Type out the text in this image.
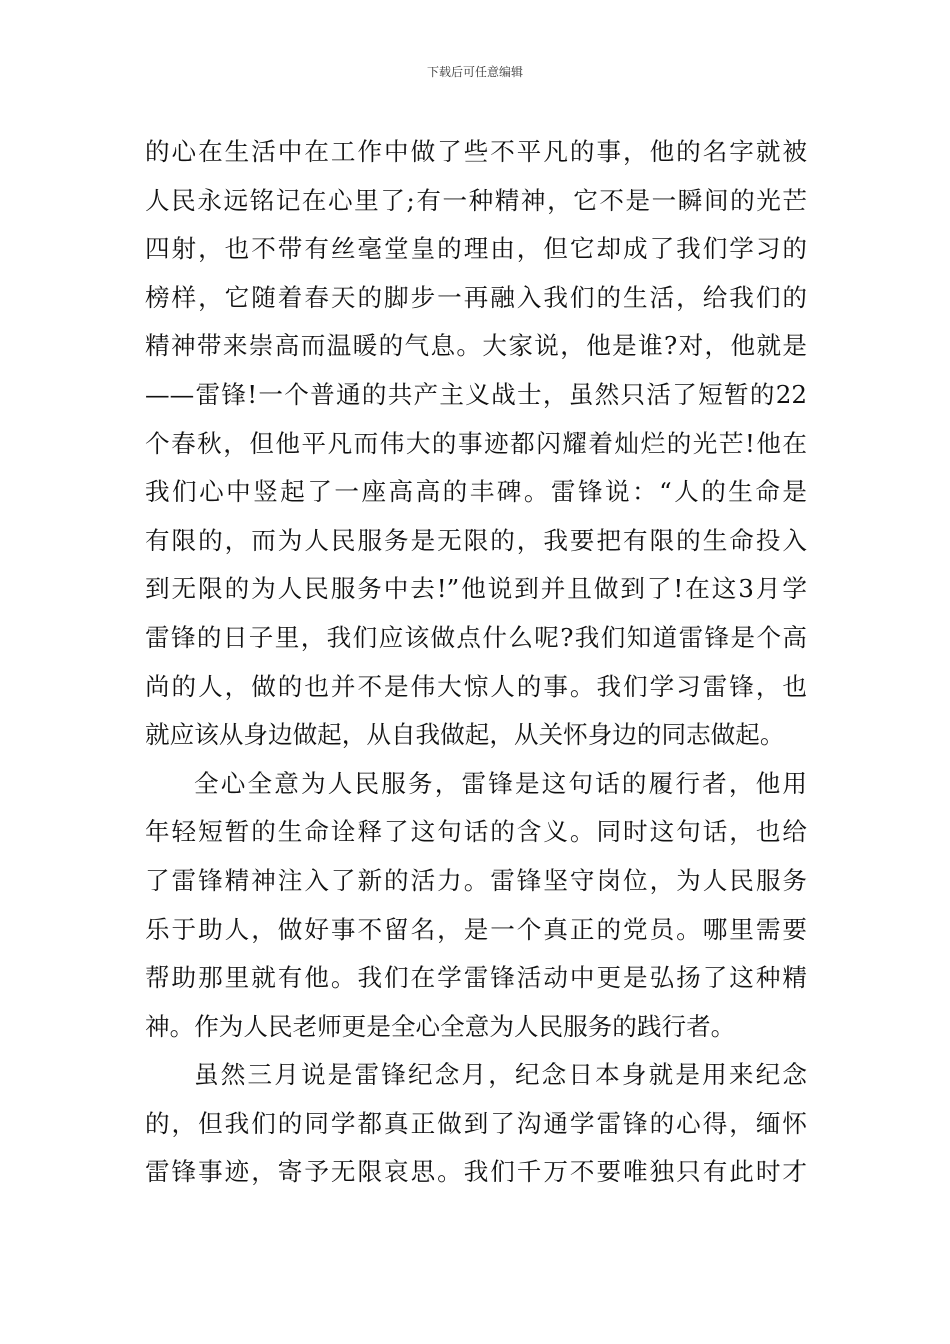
下载后可任意编辑
的心在生活中在工作中做了些不平凡的事，他的名字就被
人民永远铭记在心里了;有一种精神，它不是一瞬间的光芒
四射，也不带有丝毫堂皇的理由，但它却成了我们学习的
榜样，它随着春天的脚步一再融入我们的生活，给我们的
精神带来崇高而温暖的气息。大家说，他是谁?对，他就是
——雷锋!一个普通的共产主义战士，虽然只活了短暂的22
个春秋，但他平凡而伟大的事迹都闪耀着灿烂的光芒!他在
我们心中竖起了一座高高的丰碑。雷锋说：“人的生命是
有限的，而为人民服务是无限的，我要把有限的生命投入
到无限的为人民服务中去!”他说到并且做到了!在这3月学
雷锋的日子里，我们应该做点什么呢?我们知道雷锋是个高
尚的人，做的也并不是伟大惊人的事。我们学习雷锋，也
就应该从身边做起，从自我做起，从关怀身边的同志做起。
全心全意为人民服务，雷锋是这句话的履行者，他用
年轻短暂的生命诠释了这句话的含义。同时这句话，也给
了雷锋精神注入了新的活力。雷锋坚守岗位，为人民服务
乐于助人，做好事不留名，是一个真正的党员。哪里需要
帮助那里就有他。我们在学雷锋活动中更是弘扬了这种精
神。作为人民老师更是全心全意为人民服务的践行者。
虽然三月说是雷锋纪念月，纪念日本身就是用来纪念
的，但我们的同学都真正做到了沟通学雷锋的心得，缅怀
雷锋事迹，寄予无限哀思。我们千万不要唯独只有此时才
